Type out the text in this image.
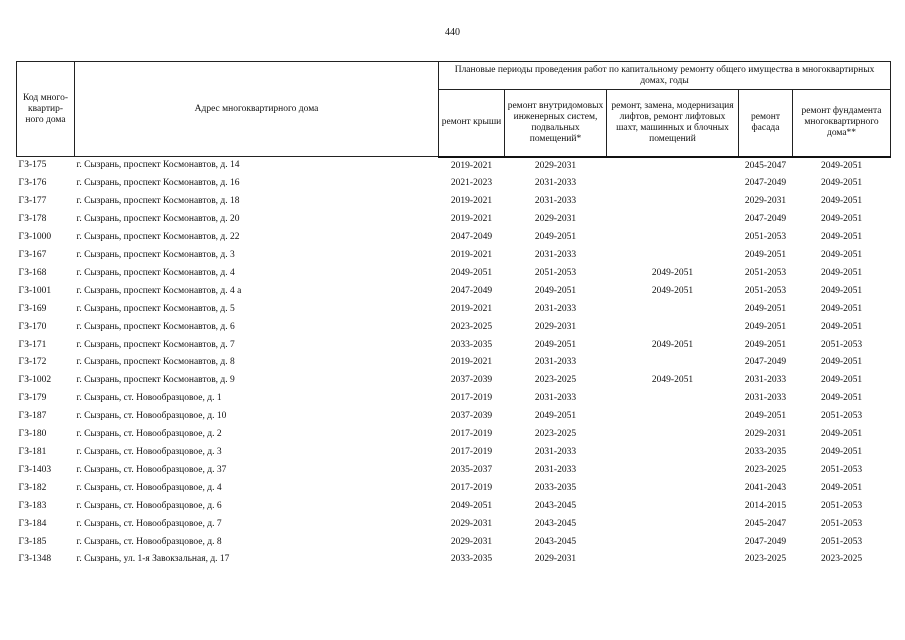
440
Код много-квартир-ного дома	Адрес многоквартирного дома	Плановые периоды проведения работ по капитальному ремонту общего имущества в многоквартирных домах, годы				
		ремонт крыши	ремонт внутридомовых инженерных систем, подвальных помещений*	ремонт, замена, модернизация лифтов, ремонт лифтовых шахт, машинных и блочных помещений	ремонт фасада	ремонт фундамента многоквартирного дома**
ГЗ-175	г. Сызрань, проспект Космонавтов, д. 14	2019-2021	2029-2031		2045-2047	2049-2051
ГЗ-176	г. Сызрань, проспект Космонавтов, д. 16	2021-2023	2031-2033		2047-2049	2049-2051
ГЗ-177	г. Сызрань, проспект Космонавтов, д. 18	2019-2021	2031-2033		2029-2031	2049-2051
ГЗ-178	г. Сызрань, проспект Космонавтов, д. 20	2019-2021	2029-2031		2047-2049	2049-2051
ГЗ-1000	г. Сызрань, проспект Космонавтов, д. 22	2047-2049	2049-2051		2051-2053	2049-2051
ГЗ-167	г. Сызрань, проспект Космонавтов, д. 3	2019-2021	2031-2033		2049-2051	2049-2051
ГЗ-168	г. Сызрань, проспект Космонавтов, д. 4	2049-2051	2051-2053	2049-2051	2051-2053	2049-2051
ГЗ-1001	г. Сызрань, проспект Космонавтов, д. 4 а	2047-2049	2049-2051	2049-2051	2051-2053	2049-2051
ГЗ-169	г. Сызрань, проспект Космонавтов, д. 5	2019-2021	2031-2033		2049-2051	2049-2051
ГЗ-170	г. Сызрань, проспект Космонавтов, д. 6	2023-2025	2029-2031		2049-2051	2049-2051
ГЗ-171	г. Сызрань, проспект Космонавтов, д. 7	2033-2035	2049-2051	2049-2051	2049-2051	2051-2053
ГЗ-172	г. Сызрань, проспект Космонавтов, д. 8	2019-2021	2031-2033		2047-2049	2049-2051
ГЗ-1002	г. Сызрань, проспект Космонавтов, д. 9	2037-2039	2023-2025	2049-2051	2031-2033	2049-2051
ГЗ-179	г. Сызрань, ст. Новообразцовое, д. 1	2017-2019	2031-2033		2031-2033	2049-2051
ГЗ-187	г. Сызрань, ст. Новообразцовое, д. 10	2037-2039	2049-2051		2049-2051	2051-2053
ГЗ-180	г. Сызрань, ст. Новообразцовое, д. 2	2017-2019	2023-2025		2029-2031	2049-2051
ГЗ-181	г. Сызрань, ст. Новообразцовое, д. 3	2017-2019	2031-2033		2033-2035	2049-2051
ГЗ-1403	г. Сызрань, ст. Новообразцовое, д. 37	2035-2037	2031-2033		2023-2025	2051-2053
ГЗ-182	г. Сызрань, ст. Новообразцовое, д. 4	2017-2019	2033-2035		2041-2043	2049-2051
ГЗ-183	г. Сызрань, ст. Новообразцовое, д. 6	2049-2051	2043-2045		2014-2015	2051-2053
ГЗ-184	г. Сызрань, ст. Новообразцовое, д. 7	2029-2031	2043-2045		2045-2047	2051-2053
ГЗ-185	г. Сызрань, ст. Новообразцовое, д. 8	2029-2031	2043-2045		2047-2049	2051-2053
ГЗ-1348	г. Сызрань, ул. 1-я Завокзальная, д. 17	2033-2035	2029-2031		2023-2025	2023-2025
